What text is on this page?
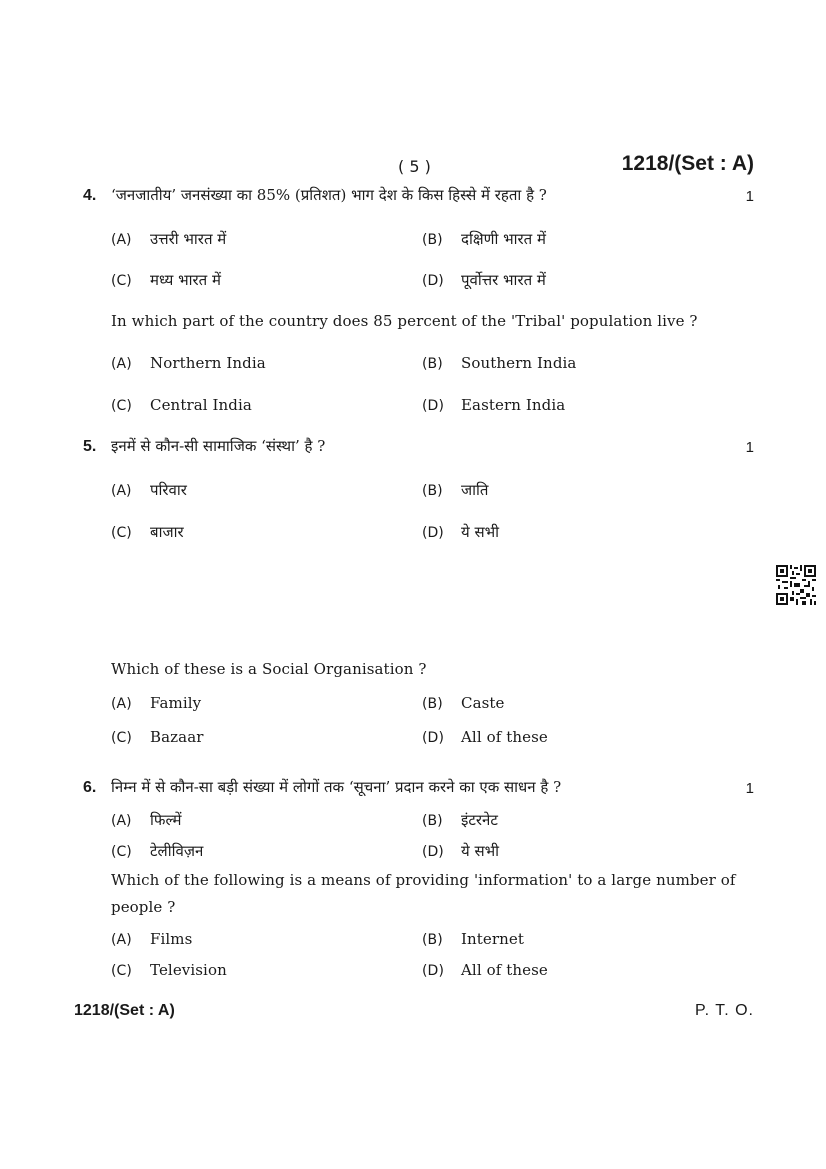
( 5 )	1218/(Set : A)
4. ‘जनजातीय’ जनसंख्या का 85% (प्रतिशत) भाग देश के किस हिस्से में रहता है ?	1
(A) उत्तरी भारत में	(B) दक्षिणी भारत में
(C) मध्य भारत में	(D) पूर्वोत्तर भारत में
In which part of the country does 85 percent of the 'Tribal' population live ?
(A) Northern India	(B) Southern India
(C) Central India	(D) Eastern India
5. इनमें से कौन-सी सामाजिक ‘संस्था’ है ?	1
(A) परिवार	(B) जाति
(C) बाजार	(D) ये सभी
Which of these is a Social Organisation ?
(A) Family	(B) Caste
(C) Bazaar	(D) All of these
6. निम्न में से कौन-सा बड़ी संख्या में लोगों तक ‘सूचना’ प्रदान करने का एक साधन है ?	1
(A) फिल्में	(B) इंटरनेट
(C) टेलीविज़न	(D) ये सभी
Which of the following is a means of providing 'information' to a large number of people ?
(A) Films	(B) Internet
(C) Television	(D) All of these
1218/(Set : A)	P. T. O.
